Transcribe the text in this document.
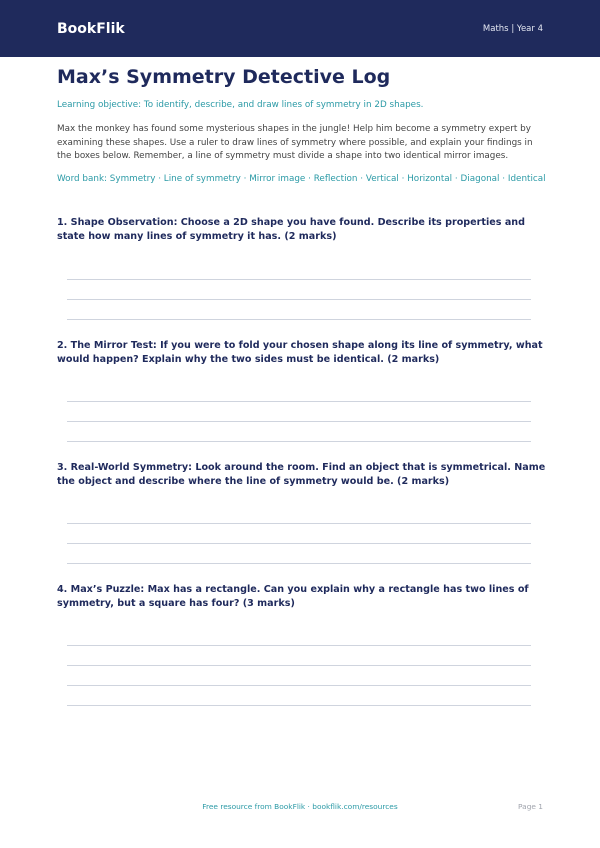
BookFlik	Maths | Year 4
Max’s Symmetry Detective Log
Learning objective: To identify, describe, and draw lines of symmetry in 2D shapes.
Max the monkey has found some mysterious shapes in the jungle! Help him become a symmetry expert by examining these shapes. Use a ruler to draw lines of symmetry where possible, and explain your findings in the boxes below. Remember, a line of symmetry must divide a shape into two identical mirror images.
Word bank: Symmetry · Line of symmetry · Mirror image · Reflection · Vertical · Horizontal · Diagonal · Identical
1. Shape Observation: Choose a 2D shape you have found. Describe its properties and state how many lines of symmetry it has. (2 marks)
2. The Mirror Test: If you were to fold your chosen shape along its line of symmetry, what would happen? Explain why the two sides must be identical. (2 marks)
3. Real-World Symmetry: Look around the room. Find an object that is symmetrical. Name the object and describe where the line of symmetry would be. (2 marks)
4. Max’s Puzzle: Max has a rectangle. Can you explain why a rectangle has two lines of symmetry, but a square has four? (3 marks)
Free resource from BookFlik · bookflik.com/resources	Page 1
